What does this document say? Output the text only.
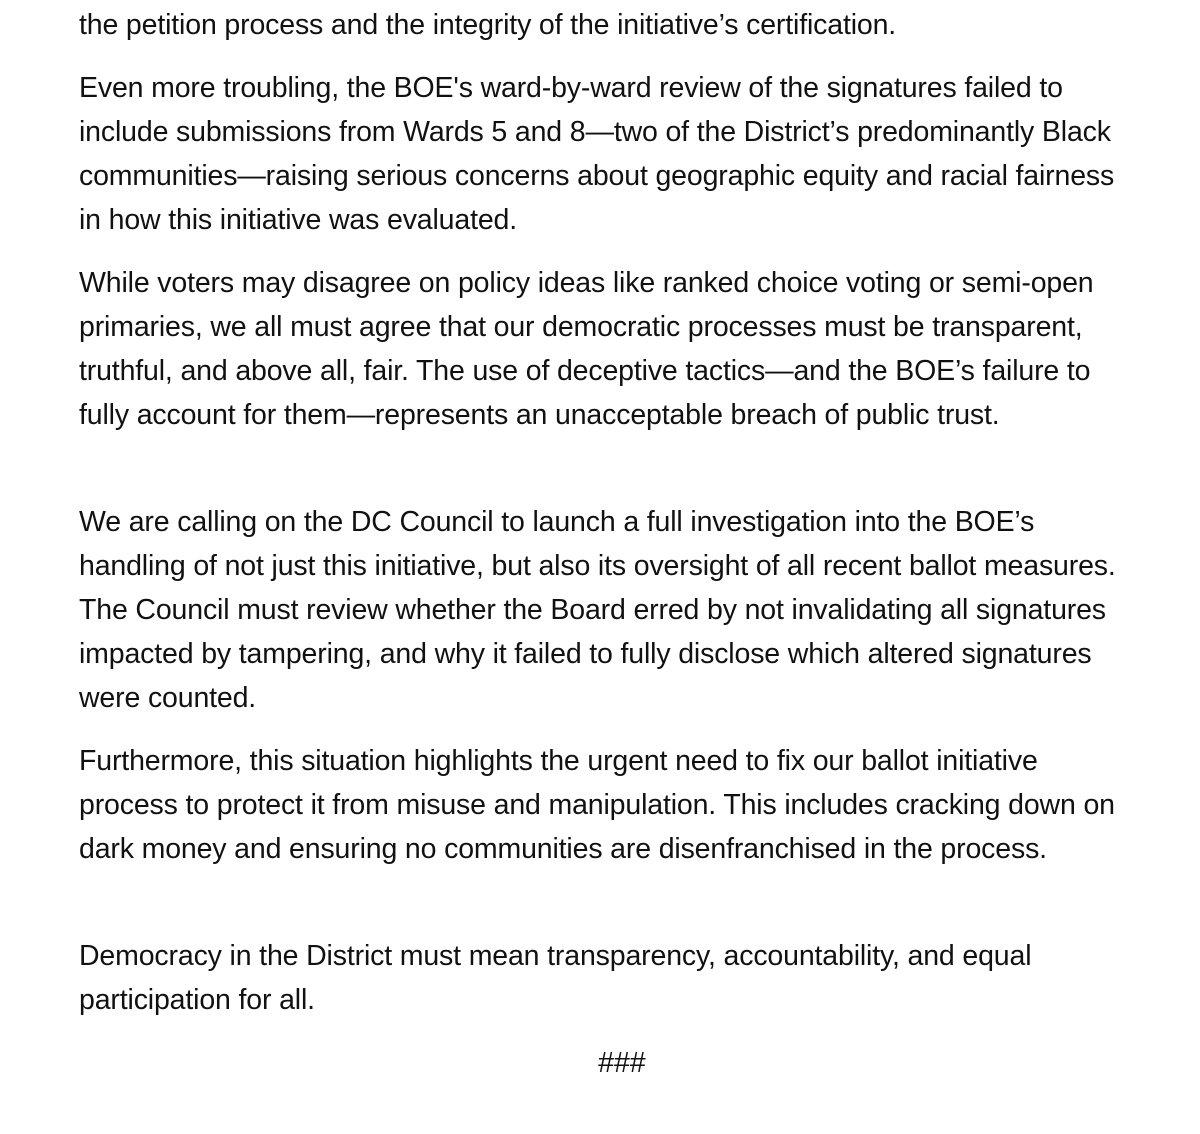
the petition process and the integrity of the initiative’s certification.

Even more troubling, the BOE's ward-by-ward review of the signatures failed to include submissions from Wards 5 and 8—two of the District’s predominantly Black communities—raising serious concerns about geographic equity and racial fairness in how this initiative was evaluated.

While voters may disagree on policy ideas like ranked choice voting or semi-open primaries, we all must agree that our democratic processes must be transparent, truthful, and above all, fair. The use of deceptive tactics—and the BOE’s failure to fully account for them—represents an unacceptable breach of public trust.

We are calling on the DC Council to launch a full investigation into the BOE’s handling of not just this initiative, but also its oversight of all recent ballot measures. The Council must review whether the Board erred by not invalidating all signatures impacted by tampering, and why it failed to fully disclose which altered signatures were counted.

Furthermore, this situation highlights the urgent need to fix our ballot initiative process to protect it from misuse and manipulation. This includes cracking down on dark money and ensuring no communities are disenfranchised in the process.

Democracy in the District must mean transparency, accountability, and equal participation for all.

###
